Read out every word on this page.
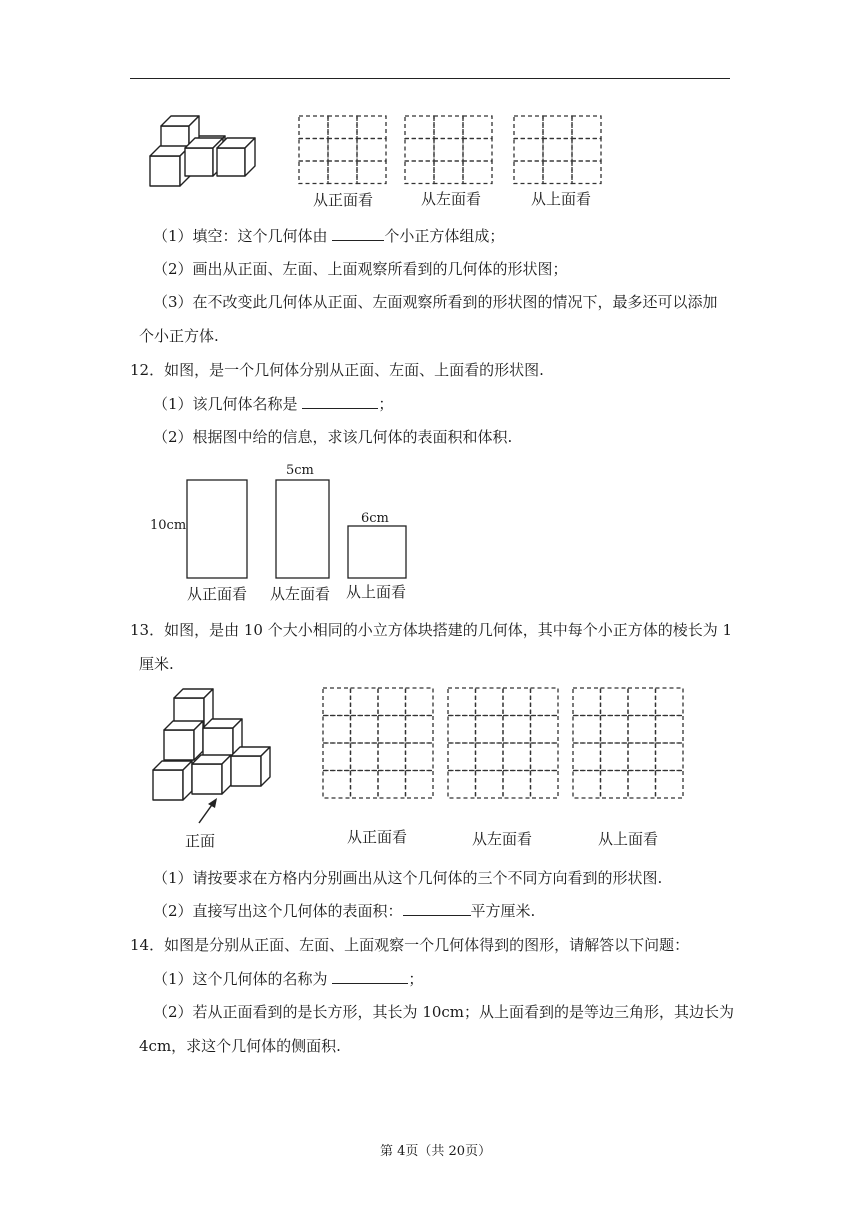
从正面看	从左面看	从上面看
（1）填空：这个几何体由	个小正方体组成；
（2）画出从正面、左面、上面观察所看到的几何体的形状图；
（3）在不改变此几何体从正面、左面观察所看到的形状图的情况下，最多还可以添加
个小正方体.
12．如图，是一个几何体分别从正面、左面、上面看的形状图.
（1）该几何体名称是	；
（2）根据图中给的信息，求该几何体的表面积和体积.
10cm
5cm
6cm
从正面看 从左面看 从上面看
13．如图，是由 10 个大小相同的小立方体块搭建的几何体，其中每个小正方体的棱长为 1
厘米.
正面	从正面看	从左面看	从上面看
（1）请按要求在方格内分别画出从这个几何体的三个不同方向看到的形状图.
（2）直接写出这个几何体的表面积：	平方厘米.
14．如图是分别从正面、左面、上面观察一个几何体得到的图形，请解答以下问题：
（1）这个几何体的名称为	；
（2）若从正面看到的是长方形，其长为 10cm；从上面看到的是等边三角形，其边长为
4cm，求这个几何体的侧面积.
第 4页（共 20页）
